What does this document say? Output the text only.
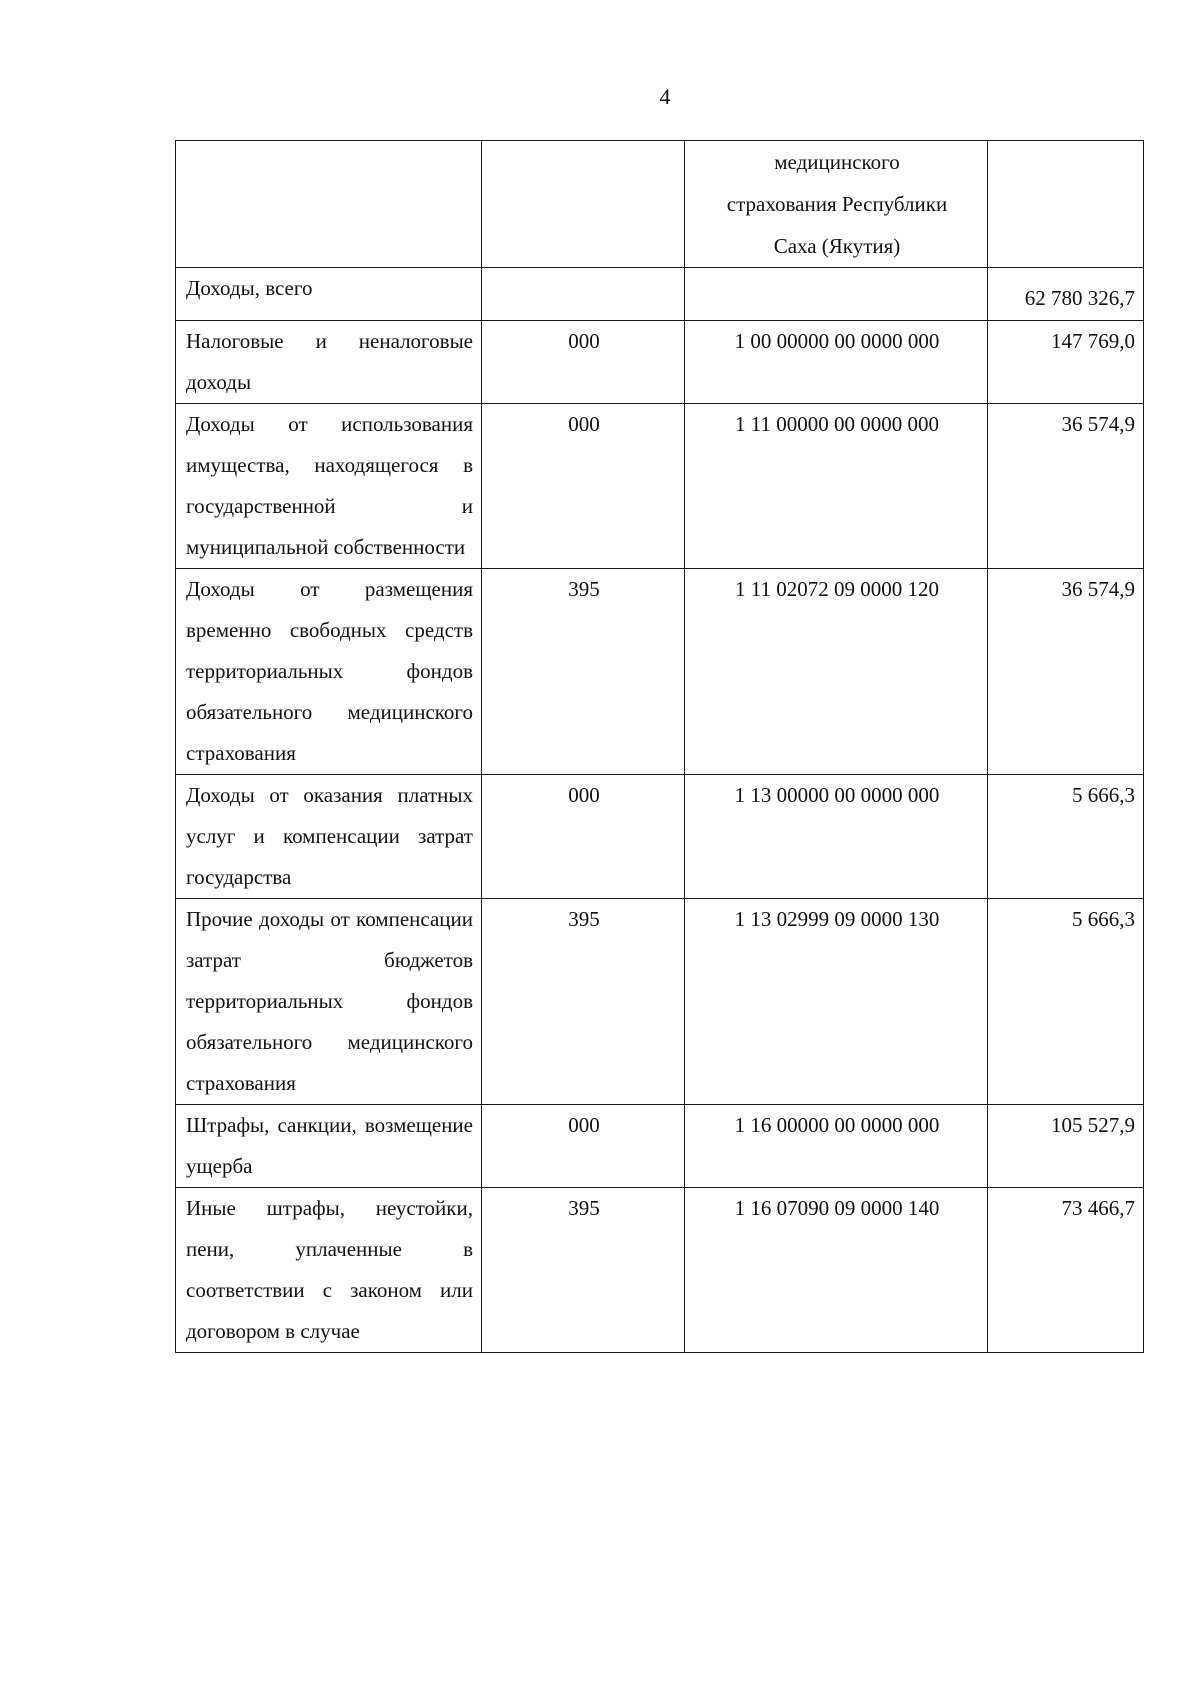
4

		медицинского
страхования Республики
Саха (Якутия)	

Доходы, всего			62 780 326,7
Налоговые и неналоговые доходы	000	1 00 00000 00 0000 000	147 769,0
Доходы от использования имущества, находящегося в государственной и муниципальной собственности	000	1 11 00000 00 0000 000	36 574,9
Доходы от размещения временно свободных средств территориальных фондов обязательного медицинского страхования	395	1 11 02072 09 0000 120	36 574,9
Доходы от оказания платных услуг и компенсации затрат государства	000	1 13 00000 00 0000 000	5 666,3
Прочие доходы от компенсации затрат бюджетов территориальных фондов обязательного медицинского страхования	395	1 13 02999 09 0000 130	5 666,3
Штрафы, санкции, возмещение ущерба	000	1 16 00000 00 0000 000	105 527,9
Иные штрафы, неустойки, пени, уплаченные в соответствии с законом или договором в случае	395	1 16 07090 09 0000 140	73 466,7
